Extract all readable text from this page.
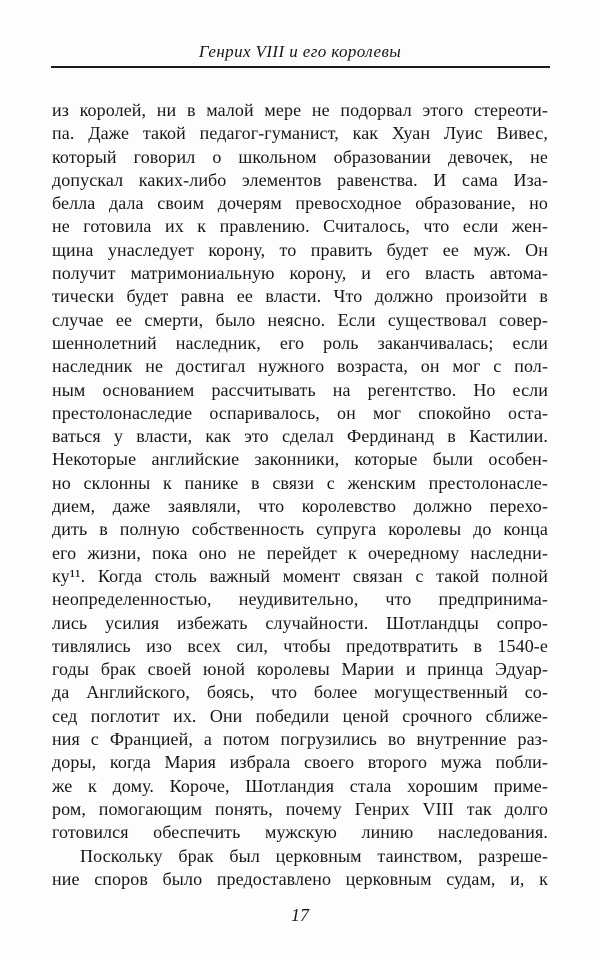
Генрих VIII и его королевы
из королей, ни в малой мере не подорвал этого стереоти-
па. Даже такой педагог-гуманист, как Хуан Луис Вивес,
который говорил о школьном образовании девочек, не
допускал каких-либо элементов равенства. И сама Иза-
белла дала своим дочерям превосходное образование, но
не готовила их к правлению. Считалось, что если жен-
щина унаследует корону, то править будет ее муж. Он
получит матримониальную корону, и его власть автома-
тически будет равна ее власти. Что должно произойти в
случае ее смерти, было неясно. Если существовал совер-
шеннолетний наследник, его роль заканчивалась; если
наследник не достигал нужного возраста, он мог с пол-
ным основанием рассчитывать на регентство. Но если
престолонаследие оспаривалось, он мог спокойно оста-
ваться у власти, как это сделал Фердинанд в Кастилии.
Некоторые английские законники, которые были особен-
но склонны к панике в связи с женским престолонасле-
дием, даже заявляли, что королевство должно перехо-
дить в полную собственность супруга королевы до конца
его жизни, пока оно не перейдет к очередному наследни-
ку¹¹. Когда столь важный момент связан с такой полной
неопределенностью, неудивительно, что предпринима-
лись усилия избежать случайности. Шотландцы сопро-
тивлялись изо всех сил, чтобы предотвратить в 1540-е
годы брак своей юной королевы Марии и принца Эдуар-
да Английского, боясь, что более могущественный со-
сед поглотит их. Они победили ценой срочного сближе-
ния с Францией, а потом погрузились во внутренние раз-
доры, когда Мария избрала своего второго мужа побли-
же к дому. Короче, Шотландия стала хорошим приме-
ром, помогающим понять, почему Генрих VIII так долго
готовился обеспечить мужскую линию наследования.
Поскольку брак был церковным таинством, разреше-
ние споров было предоставлено церковным судам, и, к
17
